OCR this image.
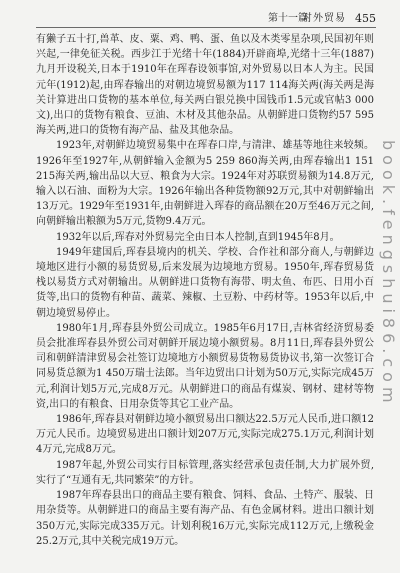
第十一篇
对外贸易 455

有獭子五十打,兽革、皮、粟、鸡、鸭、蛋、鱼以及木类零星杂项,民国初年则兴起,一律免征关税。西步江于光绪十年(1884)开辟商埠,光绪十三年(1887)九月开设税关,日本于1910年在珲春设领事馆,对外贸易以日本人为主。民国元年(1912)起,由珲春输出的对朝边境贸易额为117 114海关两(海关两是海关计算进出口货物的基本单位,每关两白银兑换中国钱币1.5元或官帖3 000文),出口的货物有粮食、豆油、木材及其他杂品。从朝鲜进口货物约57 595海关两,进口的货物有海产品、盐及其他杂品。

1923年,对朝鲜边境贸易集中在珲春口岸,与清津、雄基等地往来较频。1926年至1927年,从朝鲜输入金额为5 259 860海关两,由珲春输出1 151 215海关两,输出品以大豆、粮食为大宗。1924年对苏联贸易额为14.8万元,输入以石油、面粉为大宗。1926年输出各种货物额92万元,其中对朝鲜输出13万元。1929年至1931年,由朝鲜进入珲春的商品额在20万至46万元之间,向朝鲜输出粮额为5万元,货物9.4万元。

1932年以后,珲春对外贸易完全由日本人控制,直到1945年8月。

1949年建国后,珲春县境内的机关、学校、合作社和部分商人,与朝鲜边境地区进行小额的易货贸易,后来发展为边境地方贸易。1950年,珲春贸易货栈以易货方式对朝输出。从朝鲜进口货物有海带、明太鱼、布匹、日用小百货等,出口的货物有种苗、蔬菜、辣椒、土豆粉、中药材等。1953年以后,中朝边境贸易停止。

1980年1月,珲春县外贸公司成立。1985年6月17日,吉林省经济贸易委员会批准珲春县外贸公司对朝鲜开展边境小额贸易。8月11日,珲春县外贸公司和朝鲜清津贸易会社签订边境地方小额贸易货物易货协议书,第一次签订合同易货总额为1 450万瑞士法郎。当年边贸出口计划为50万元,实际完成45万元,利润计划5万元,完成8万元。从朝鲜进口的商品有煤炭、钢材、建材等物资,出口的有粮食、日用杂货等其它工业产品。

1986年,珲春县对朝鲜边境小额贸易出口额达22.5万元人民币,进口额12万元人民币。边境贸易进出口额计划207万元,实际完成275.1万元,利润计划4万元,完成8万元。

1987年起,外贸公司实行目标管理,落实经营承包责任制,大力扩展外贸,实行了“互通有无,共同繁荣”的方针。

1987年珲春县出口的商品主要有粮食、饲料、食品、土特产、服装、日用杂货等。从朝鲜进口的商品主要有海产品、有色金属材料。进出口额计划350万元,实际完成335万元。计划利税16万元,实际完成112万元,上缴税金25.2万元,其中关税完成19万元。

book.fengshui86.com
